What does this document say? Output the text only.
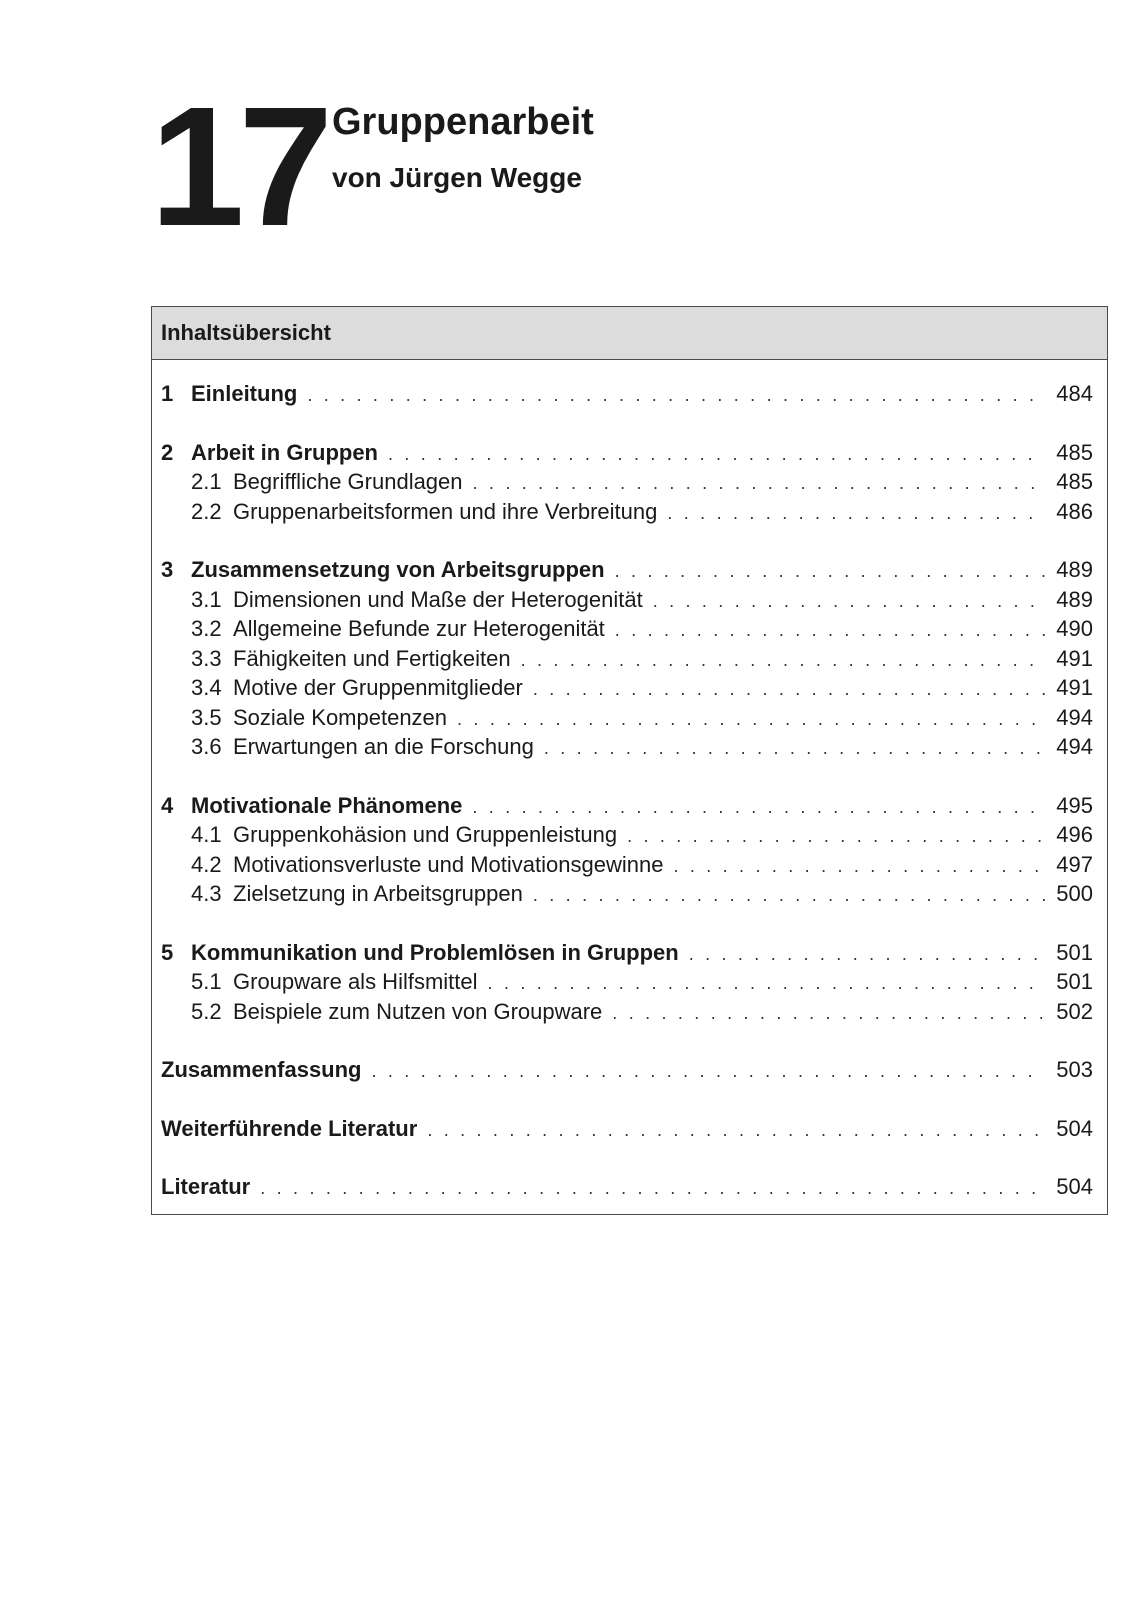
17 Gruppenarbeit
von Jürgen Wegge
Inhaltsübersicht
1 Einleitung . . .	484
2 Arbeit in Gruppen . . .	485
2.1 Begriffliche Grundlagen . . .	485
2.2 Gruppenarbeitsformen und ihre Verbreitung . . .	486
3 Zusammensetzung von Arbeitsgruppen . . .	489
3.1 Dimensionen und Maße der Heterogenität . . .	489
3.2 Allgemeine Befunde zur Heterogenität . . .	490
3.3 Fähigkeiten und Fertigkeiten . . .	491
3.4 Motive der Gruppenmitglieder . . .	491
3.5 Soziale Kompetenzen . . .	494
3.6 Erwartungen an die Forschung . . .	494
4 Motivationale Phänomene . . .	495
4.1 Gruppenkohäsion und Gruppenleistung . . .	496
4.2 Motivationsverluste und Motivationsgewinne . . .	497
4.3 Zielsetzung in Arbeitsgruppen . . .	500
5 Kommunikation und Problemlösen in Gruppen . . .	501
5.1 Groupware als Hilfsmittel . . .	501
5.2 Beispiele zum Nutzen von Groupware . . .	502
Zusammenfassung . . .	503
Weiterführende Literatur . . .	504
Literatur . . .	504
